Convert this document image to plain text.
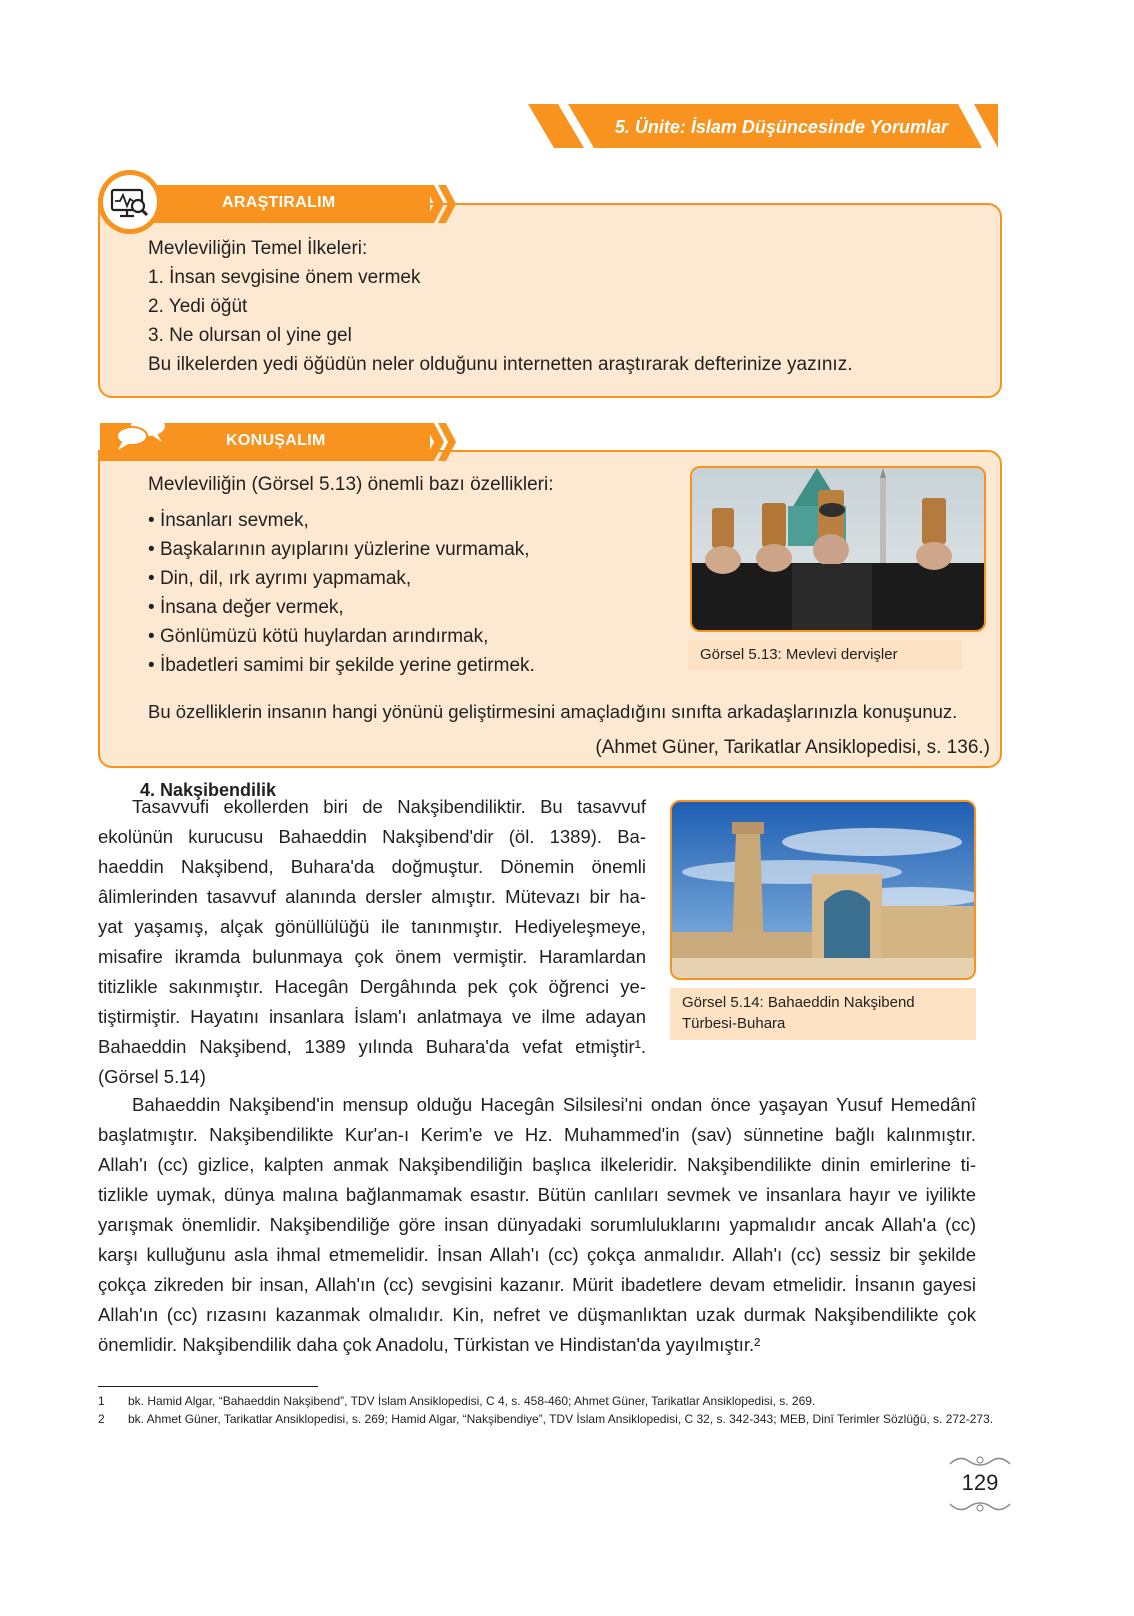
5. Ünite: İslam Düşüncesinde Yorumlar
ARAŞTIRALIM
Mevleviliğin Temel İlkeleri:
1. İnsan sevgisine önem vermek
2. Yedi öğüt
3. Ne olursan ol yine gel
Bu ilkelerden yedi öğüdün neler olduğunu internetten araştırarak defterinize yazınız.
KONUŞALIM
Mevleviliğin (Görsel 5.13) önemli bazı özellikleri:
• İnsanları sevmek,
• Başkalarının ayıplarını yüzlerine vurmamak,
• Din, dil, ırk ayrımı yapmamak,
• İnsana değer vermek,
• Gönlümüzü kötü huylardan arındırmak,
• İbadetleri samimi bir şekilde yerine getirmek.
Bu özelliklerin insanın hangi yönünü geliştirmesini amaçladığını sınıfta arkadaşlarınızla konuşunuz.
(Ahmet Güner, Tarikatlar Ansiklopedisi, s. 136.)
Görsel 5.13: Mevlevi dervişler
4. Nakşibendilik
Tasavvufi ekollerden biri de Nakşibendiliktir. Bu tasavvuf
ekolünün kurucusu Bahaeddin Nakşibend'dir (öl. 1389). Ba-
haeddin Nakşibend, Buhara'da doğmuştur. Dönemin önemli
âlimlerinden tasavvuf alanında dersler almıştır. Mütevazı bir ha-
yat yaşamış, alçak gönüllülüğü ile tanınmıştır. Hediyeleşmeye,
misafire ikramda bulunmaya çok önem vermiştir. Haramlardan
titizlikle sakınmıştır. Hacegân Dergâhında pek çok öğrenci ye-
tiştirmiştir. Hayatını insanlara İslam'ı anlatmaya ve ilme adayan
Bahaeddin Nakşibend, 1389 yılında Buhara'da vefat etmiştir¹.
(Görsel 5.14)
Görsel 5.14: Bahaeddin Nakşibend
Türbesi-Buhara
Bahaeddin Nakşibend'in mensup olduğu Hacegân Silsilesi'ni ondan önce yaşayan Yusuf Hemedânî
başlatmıştır. Nakşibendilikte Kur'an-ı Kerim'e ve Hz. Muhammed'in (sav) sünnetine bağlı kalınmıştır.
Allah'ı (cc) gizlice, kalpten anmak Nakşibendiliğin başlıca ilkeleridir. Nakşibendilikte dinin emirlerine ti-
tizlikle uymak, dünya malına bağlanmamak esastır. Bütün canlıları sevmek ve insanlara hayır ve iyilikte
yarışmak önemlidir. Nakşibendiliğe göre insan dünyadaki sorumluluklarını yapmalıdır ancak Allah'a (cc)
karşı kulluğunu asla ihmal etmemelidir. İnsan Allah'ı (cc) çokça anmalıdır. Allah'ı (cc) sessiz bir şekilde
çokça zikreden bir insan, Allah'ın (cc) sevgisini kazanır. Mürit ibadetlere devam etmelidir. İnsanın gayesi
Allah'ın (cc) rızasını kazanmak olmalıdır. Kin, nefret ve düşmanlıktan uzak durmak Nakşibendilikte çok
önemlidir. Nakşibendilik daha çok Anadolu, Türkistan ve Hindistan'da yayılmıştır.²
1	bk. Hamid Algar, “Bahaeddin Nakşibend”, TDV İslam Ansiklopedisi, C 4, s. 458-460; Ahmet Güner, Tarikatlar Ansiklopedisi, s. 269.
2	bk. Ahmet Güner, Tarikatlar Ansiklopedisi, s. 269; Hamid Algar, “Nakşibendiye”, TDV İslam Ansiklopedisi, C 32, s. 342-343; MEB, Dinî Terimler Sözlüğü, s. 272-273.
129
